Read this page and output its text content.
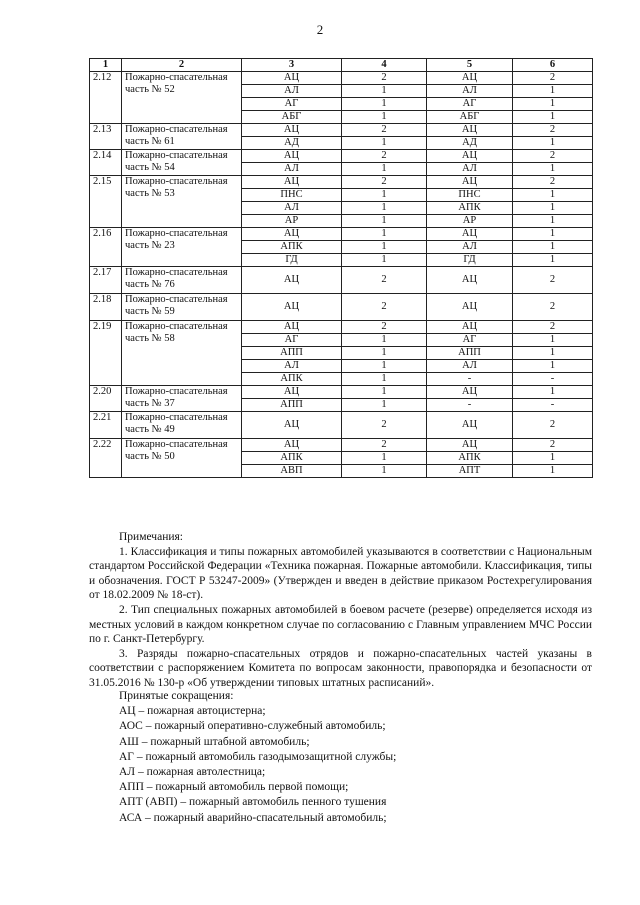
2
1	2	3	4	5	6
2.12	Пожарно-спасательная часть № 52	АЦ	2	АЦ	2
		АЛ	1	АЛ	1
		АГ	1	АГ	1
		АБГ	1	АБГ	1
2.13	Пожарно-спасательная часть № 61	АЦ	2	АЦ	2
		АД	1	АД	1
2.14	Пожарно-спасательная часть № 54	АЦ	2	АЦ	2
		АЛ	1	АЛ	1
2.15	Пожарно-спасательная часть № 53	АЦ	2	АЦ	2
		ПНС	1	ПНС	1
		АЛ	1	АПК	1
		АР	1	АР	1
2.16	Пожарно-спасательная часть № 23	АЦ	1	АЦ	1
		АПК	1	АЛ	1
		ГД	1	ГД	1
2.17	Пожарно-спасательная часть № 76	АЦ	2	АЦ	2
2.18	Пожарно-спасательная часть № 59	АЦ	2	АЦ	2
2.19	Пожарно-спасательная часть № 58	АЦ	2	АЦ	2
		АГ	1	АГ	1
		АПП	1	АПП	1
		АЛ	1	АЛ	1
		АПК	1	-	-
2.20	Пожарно-спасательная часть № 37	АЦ	1	АЦ	1
		АПП	1	-	-
2.21	Пожарно-спасательная часть № 49	АЦ	2	АЦ	2
2.22	Пожарно-спасательная часть № 50	АЦ	2	АЦ	2
		АПК	1	АПК	1
		АВП	1	АПТ	1

Примечания:

1. Классификация и типы пожарных автомобилей указываются в соответствии с Национальным стандартом Российской Федерации «Техника пожарная. Пожарные автомобили. Классификация, типы и обозначения. ГОСТ Р 53247-2009» (Утвержден и введен в действие приказом Ростехрегулирования от 18.02.2009 № 18-ст).

2. Тип специальных пожарных автомобилей в боевом расчете (резерве) определяется исходя из местных условий в каждом конкретном случае по согласованию с Главным управлением МЧС России по г. Санкт-Петербургу.

3. Разряды пожарно-спасательных отрядов и пожарно-спасательных частей указаны в соответствии с распоряжением Комитета по вопросам законности, правопорядка и безопасности от 31.05.2016 № 130-р «Об утверждении типовых штатных расписаний».

Принятые сокращения:
АЦ – пожарная автоцистерна;
АОС – пожарный оперативно-служебный автомобиль;
АШ – пожарный штабной автомобиль;
АГ – пожарный автомобиль газодымозащитной службы;
АЛ – пожарная автолестница;
АПП – пожарный автомобиль первой помощи;
АПТ (АВП) – пожарный автомобиль пенного тушения
АСА – пожарный аварийно-спасательный автомобиль;
